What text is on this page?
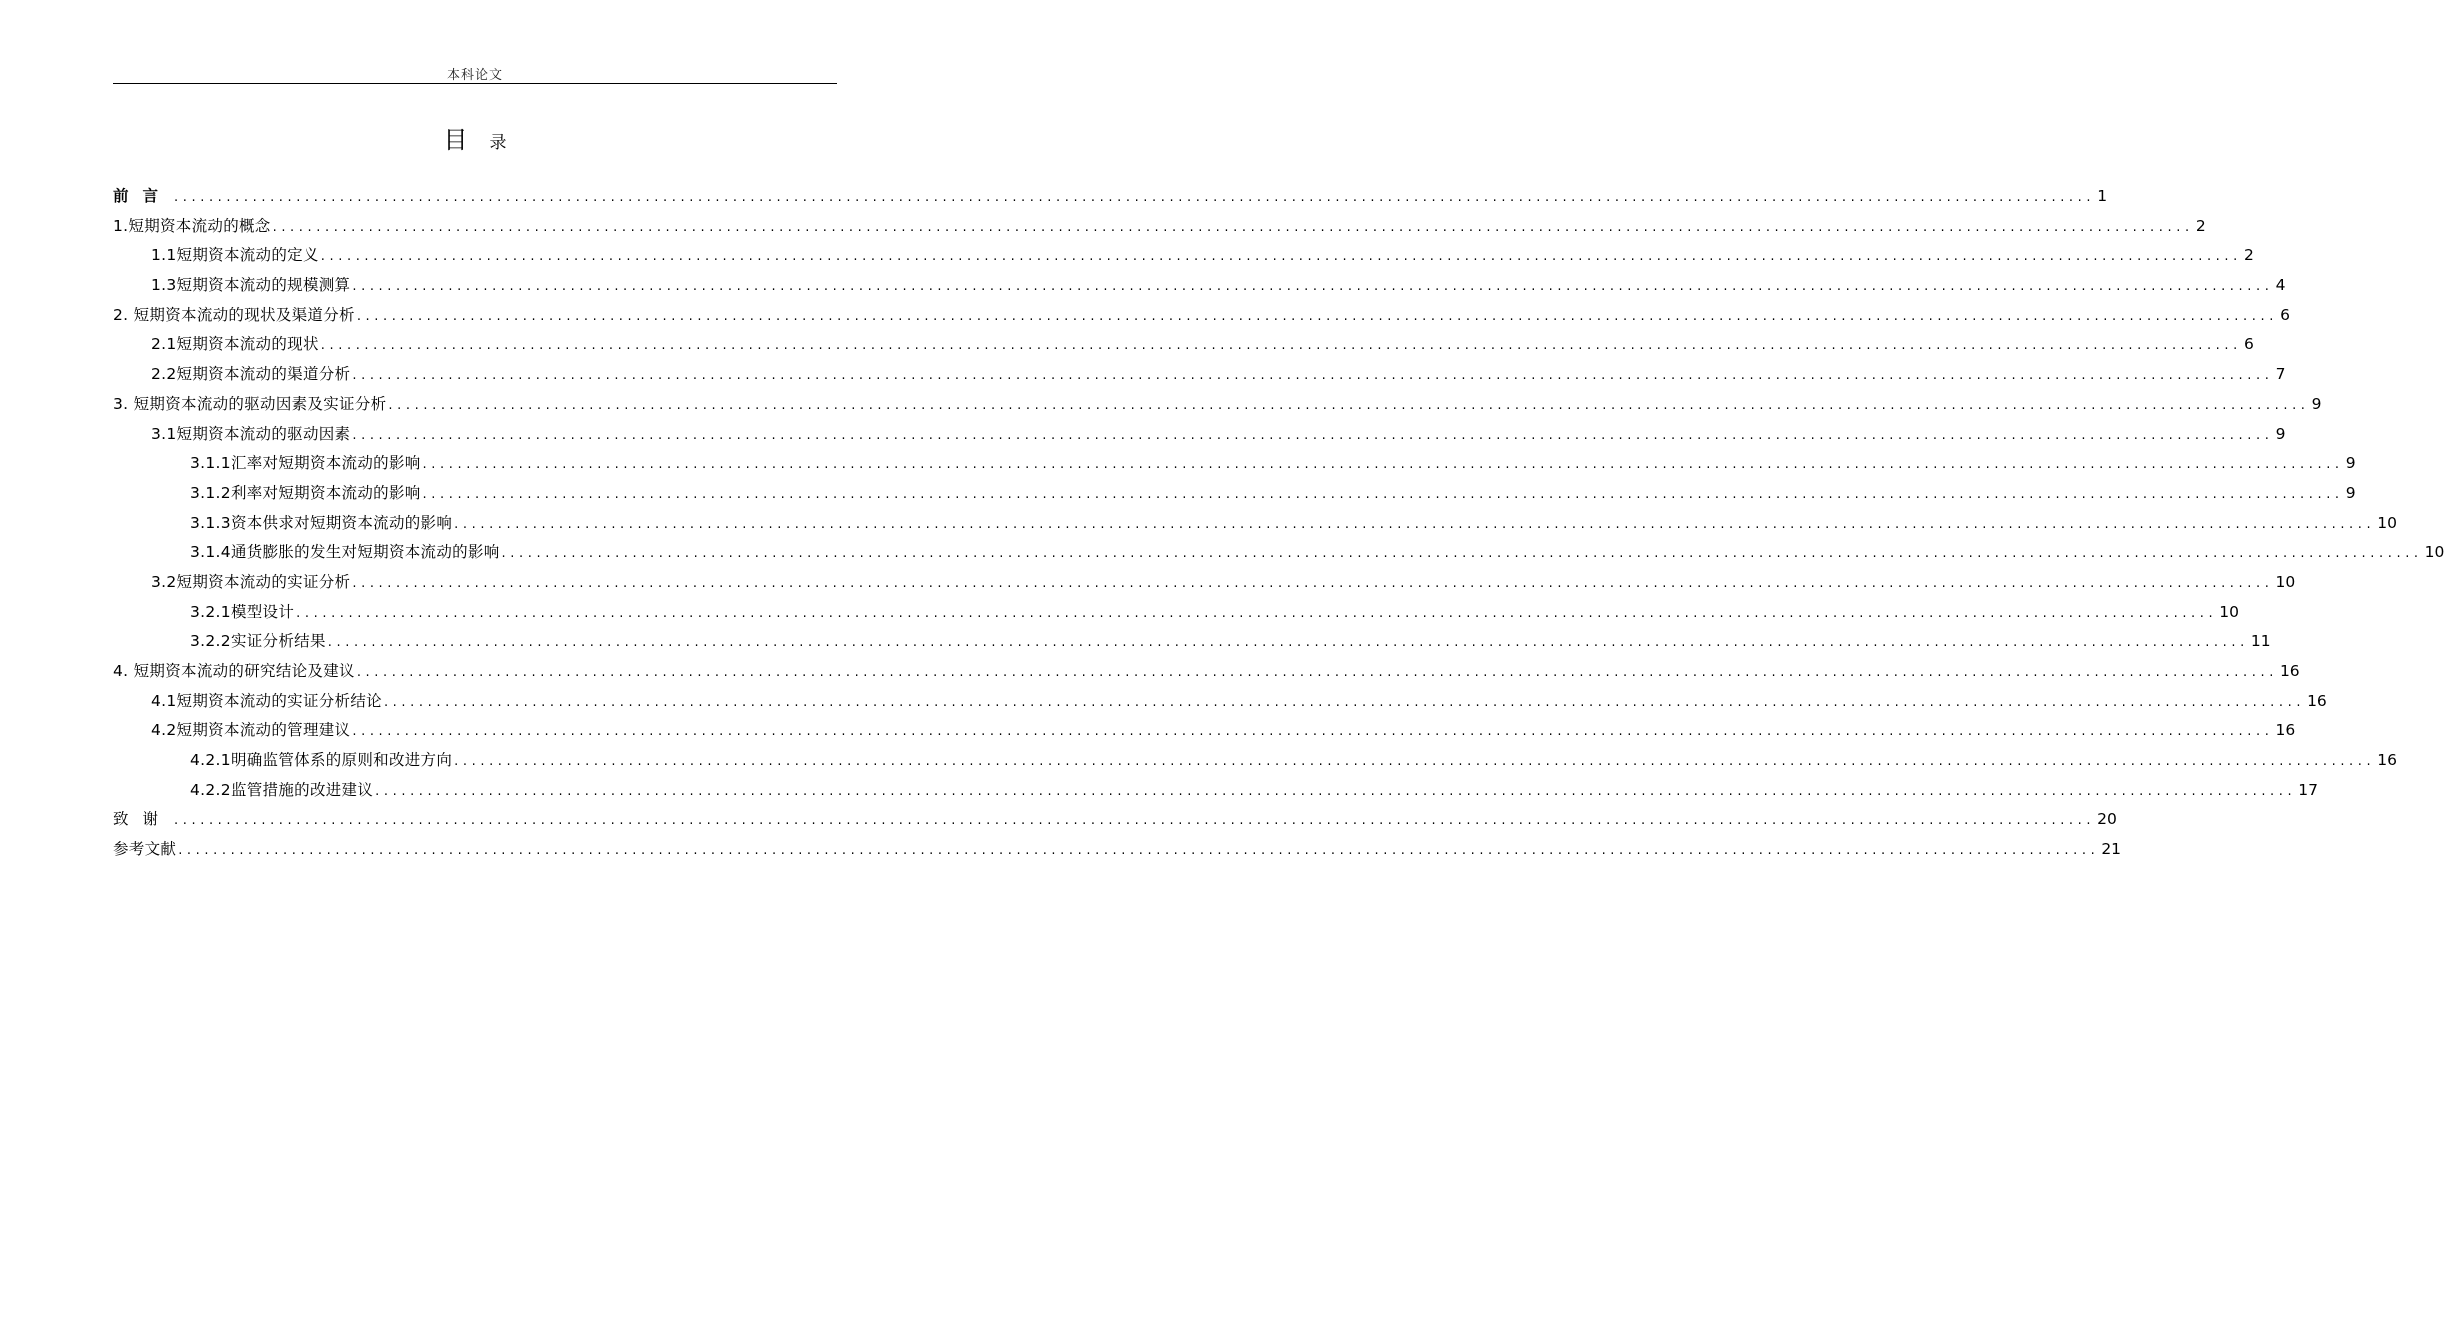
本科论文
目 录
前言 ............................................................................................................................................................................................................................ 1
1.短期资本流动的概念 ............................................................................................................................................................................................................................ 2
1.1短期资本流动的定义 ............................................................................................................................................................................................................................ 2
1.3短期资本流动的规模测算 ............................................................................................................................................................................................................................ 4
2. 短期资本流动的现状及渠道分析 ............................................................................................................................................................................................................................ 6
2.1短期资本流动的现状 ............................................................................................................................................................................................................................ 6
2.2短期资本流动的渠道分析 ............................................................................................................................................................................................................................ 7
3. 短期资本流动的驱动因素及实证分析 ............................................................................................................................................................................................................................ 9
3.1短期资本流动的驱动因素 ............................................................................................................................................................................................................................ 9
3.1.1汇率对短期资本流动的影响 ............................................................................................................................................................................................................................ 9
3.1.2利率对短期资本流动的影响 ............................................................................................................................................................................................................................ 9
3.1.3资本供求对短期资本流动的影响 ............................................................................................................................................................................................................................ 10
3.1.4通货膨胀的发生对短期资本流动的影响 ............................................................................................................................................................................................................................ 10
3.2短期资本流动的实证分析 ............................................................................................................................................................................................................................ 10
3.2.1模型设计 ............................................................................................................................................................................................................................ 10
3.2.2实证分析结果 ............................................................................................................................................................................................................................ 11
4. 短期资本流动的研究结论及建议 ............................................................................................................................................................................................................................ 16
4.1短期资本流动的实证分析结论 ............................................................................................................................................................................................................................ 16
4.2短期资本流动的管理建议 ............................................................................................................................................................................................................................ 16
4.2.1明确监管体系的原则和改进方向 ............................................................................................................................................................................................................................ 16
4.2.2监管措施的改进建议 ............................................................................................................................................................................................................................ 17
致谢 ............................................................................................................................................................................................................................ 20
参考文献 ............................................................................................................................................................................................................................ 21
